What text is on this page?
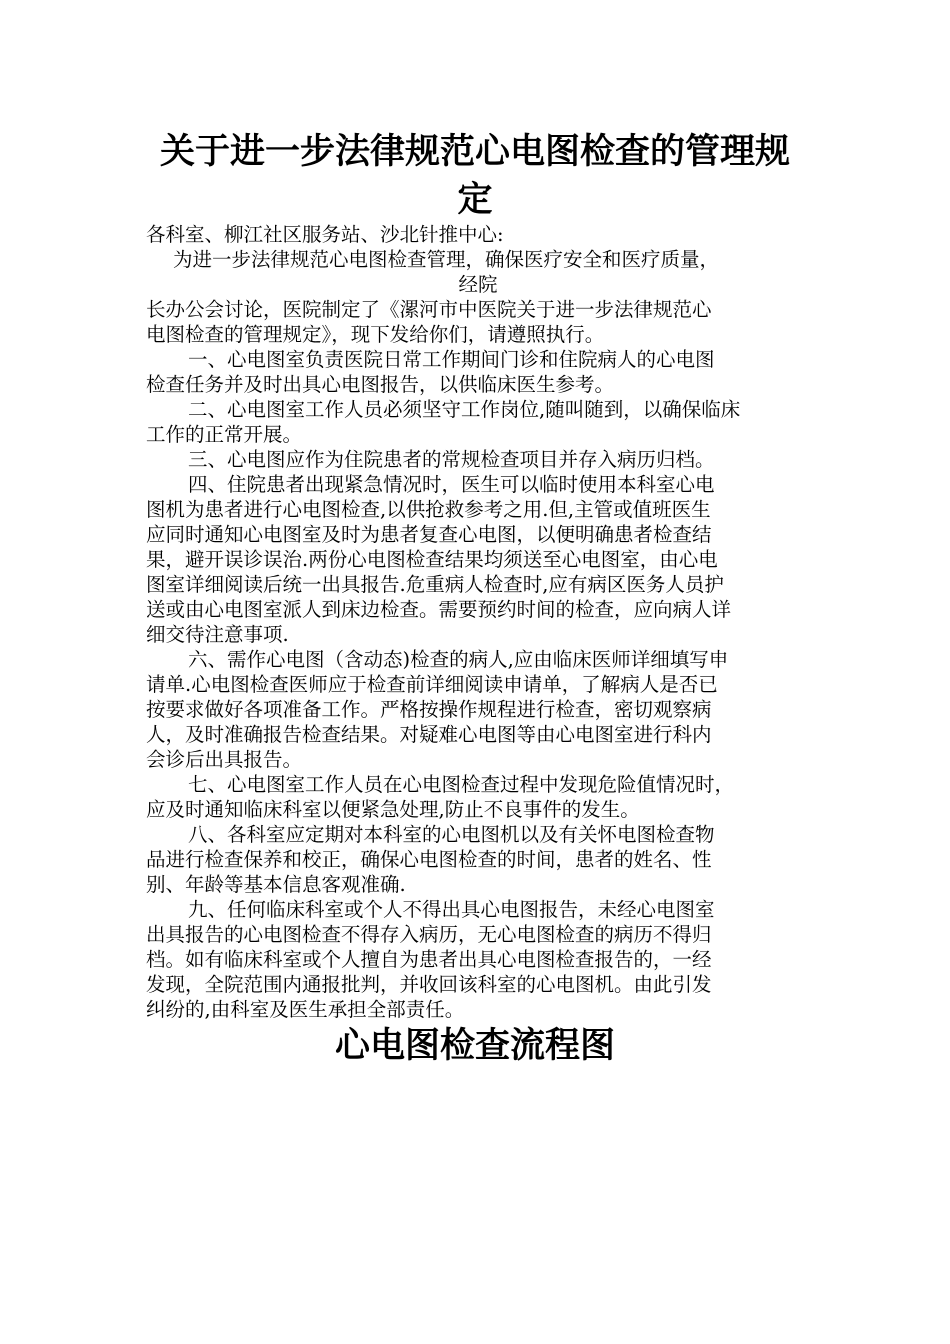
关于进一步法律规范心电图检查的管理规
定
各科室、柳江社区服务站、沙北针推中心:
为进一步法律规范心电图检查管理，确保医疗安全和医疗质量，
经院
长办公会讨论，医院制定了《漯河市中医院关于进一步法律规范心
电图检查的管理规定》，现下发给你们，请遵照执行。
一、心电图室负责医院日常工作期间门诊和住院病人的心电图
检查任务并及时出具心电图报告，以供临床医生参考。
二、心电图室工作人员必须坚守工作岗位,随叫随到，以确保临床
工作的正常开展。
三、心电图应作为住院患者的常规检查项目并存入病历归档。
四、住院患者出现紧急情况时，医生可以临时使用本科室心电
图机为患者进行心电图检查,以供抢救参考之用.但,主管或值班医生
应同时通知心电图室及时为患者复查心电图，以便明确患者检查结
果，避开误诊误治.两份心电图检查结果均须送至心电图室，由心电
图室详细阅读后统一出具报告.危重病人检查时,应有病区医务人员护
送或由心电图室派人到床边检查。需要预约时间的检查，应向病人详
细交待注意事项.
六、需作心电图（含动态)检查的病人,应由临床医师详细填写申
请单.心电图检查医师应于检查前详细阅读申请单，了解病人是否已
按要求做好各项准备工作。严格按操作规程进行检查，密切观察病
人，及时准确报告检查结果。对疑难心电图等由心电图室进行科内
会诊后出具报告。
七、心电图室工作人员在心电图检查过程中发现危险值情况时，
应及时通知临床科室以便紧急处理,防止不良事件的发生。
八、各科室应定期对本科室的心电图机以及有关怀电图检查物
品进行检查保养和校正，确保心电图检查的时间，患者的姓名、性
别、年龄等基本信息客观准确.
九、任何临床科室或个人不得出具心电图报告，未经心电图室
出具报告的心电图检查不得存入病历，无心电图检查的病历不得归
档。如有临床科室或个人擅自为患者出具心电图检查报告的，一经
发现，全院范围内通报批判，并收回该科室的心电图机。由此引发
纠纷的,由科室及医生承担全部责任。
心电图检查流程图
